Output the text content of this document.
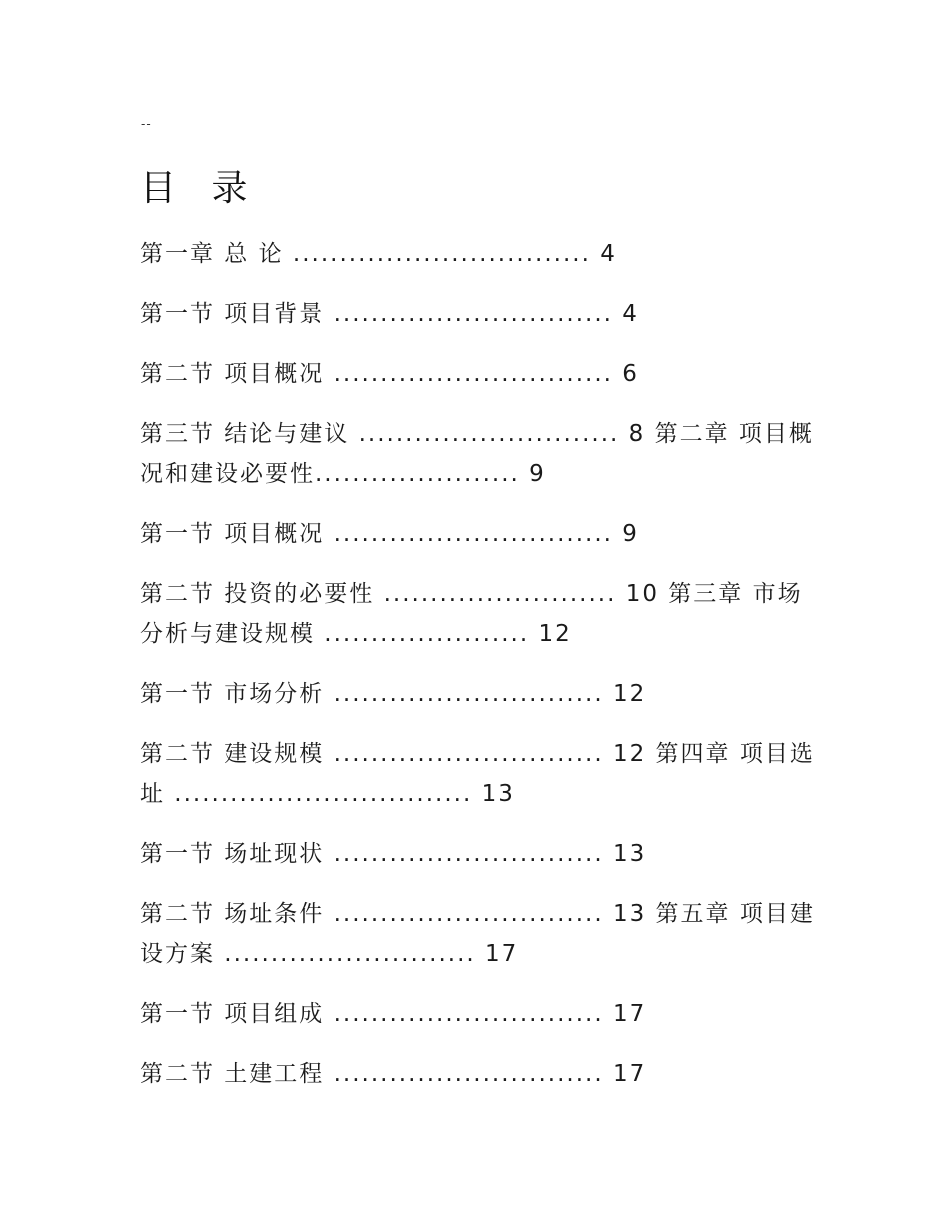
--
目 录
第一章 总 论 ................................ 4
第一节 项目背景 .............................. 4
第二节 项目概况 .............................. 6
第三节 结论与建议 ............................ 8 第二章 项目概况和建设必要性...................... 9
第一节 项目概况 .............................. 9
第二节 投资的必要性 ......................... 10 第三章 市场分析与建设规模 ...................... 12
第一节 市场分析 ............................. 12
第二节 建设规模 ............................. 12 第四章 项目选址 ................................ 13
第一节 场址现状 ............................. 13
第二节 场址条件 ............................. 13 第五章 项目建设方案 ........................... 17
第一节 项目组成 ............................. 17
第二节 土建工程 ............................. 17
